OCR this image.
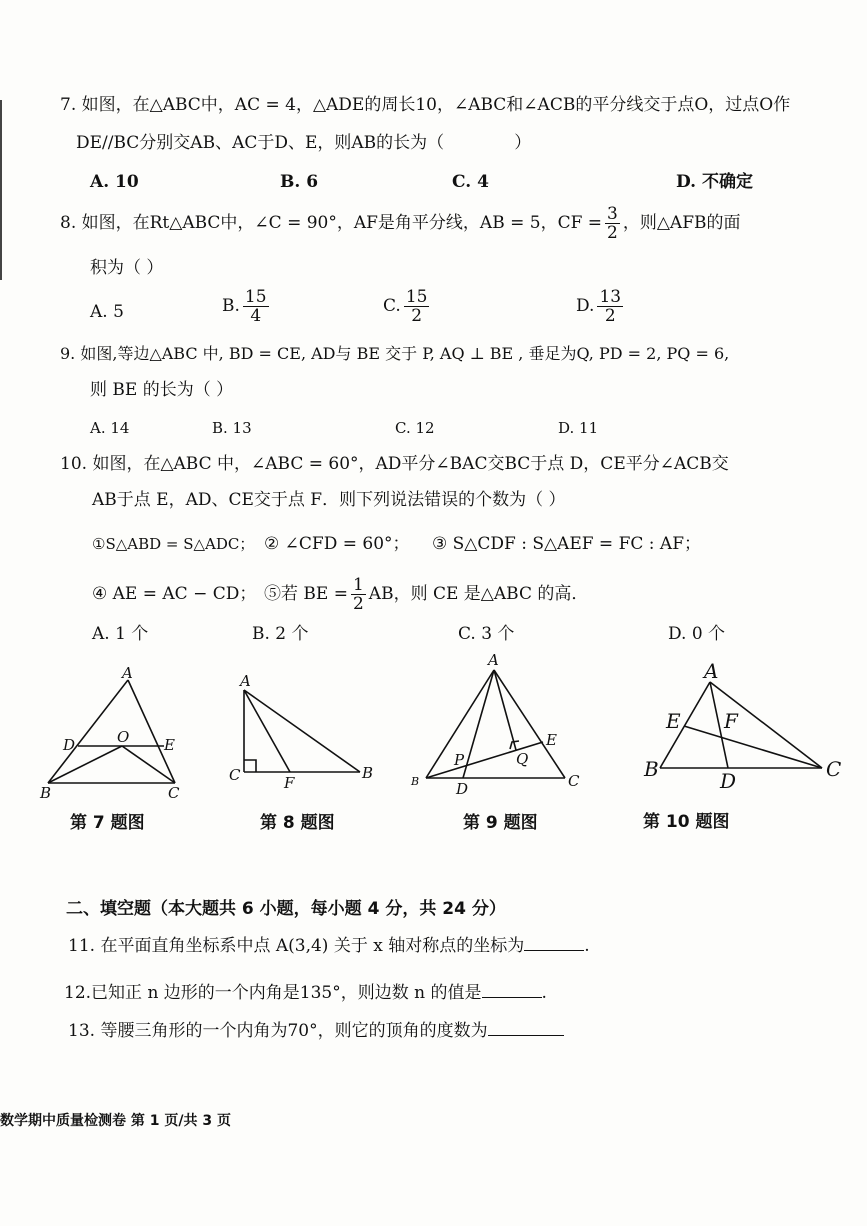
7. 如图，在△ABC中，AC = 4，△ADE的周长10，∠ABC和∠ACB的平分线交于点O，过点O作
DE//BC分别交AB、AC于D、E，则AB的长为（	）
A. 10	B. 6	C. 4	D. 不确定
8. 如图，在Rt△ABC中，∠C = 90°，AF是角平分线，AB = 5，CF = $\frac{3}{2}$ ，则△AFB的面
积为（ ）
A. 5	B. $\frac{15}{4}$	C. $\frac{15}{2}$	D. $\frac{13}{2}$
9. 如图,等边△ABC 中, BD = CE, AD与 BE 交于 P, AQ ⊥ BE , 垂足为Q, PD = 2, PQ = 6,
则 BE 的长为（ ）
A. 14	B. 13	C. 12	D. 11
10. 如图，在△ABC 中，∠ABC = 60°，AD平分∠BAC交BC于点 D，CE平分∠ACB交
AB于点 E，AD、CE交于点 F．则下列说法错误的个数为（ ）
①S△ABD = S△ADC； ② ∠CFD = 60°； ③ S△CDF : S△AEF = FC : AF；
④ AE = AC − CD； ⑤若 BE = $\frac{1}{2}$ AB，则 CE 是△ABC 的高．
A. 1 个	B. 2 个	C. 3 个	D. 0 个
A
D	O E
B	C
A
C	F
B
A
P	Q
E
B D	C
A
E F
B	D	C
第 7 题图	第 8 题图	第 9 题图	第 10 题图
二、填空题（本大题共 6 小题，每小题 4 分，共 24 分）
11. 在平面直角坐标系中点 A(3,4) 关于 x 轴对称点的坐标为	.
12.已知正 n 边形的一个内角是135°，则边数 n 的值是	.
13. 等腰三角形的一个内角为70°，则它的顶角的度数为
数学期中质量检测卷 第 1 页/共 3 页
